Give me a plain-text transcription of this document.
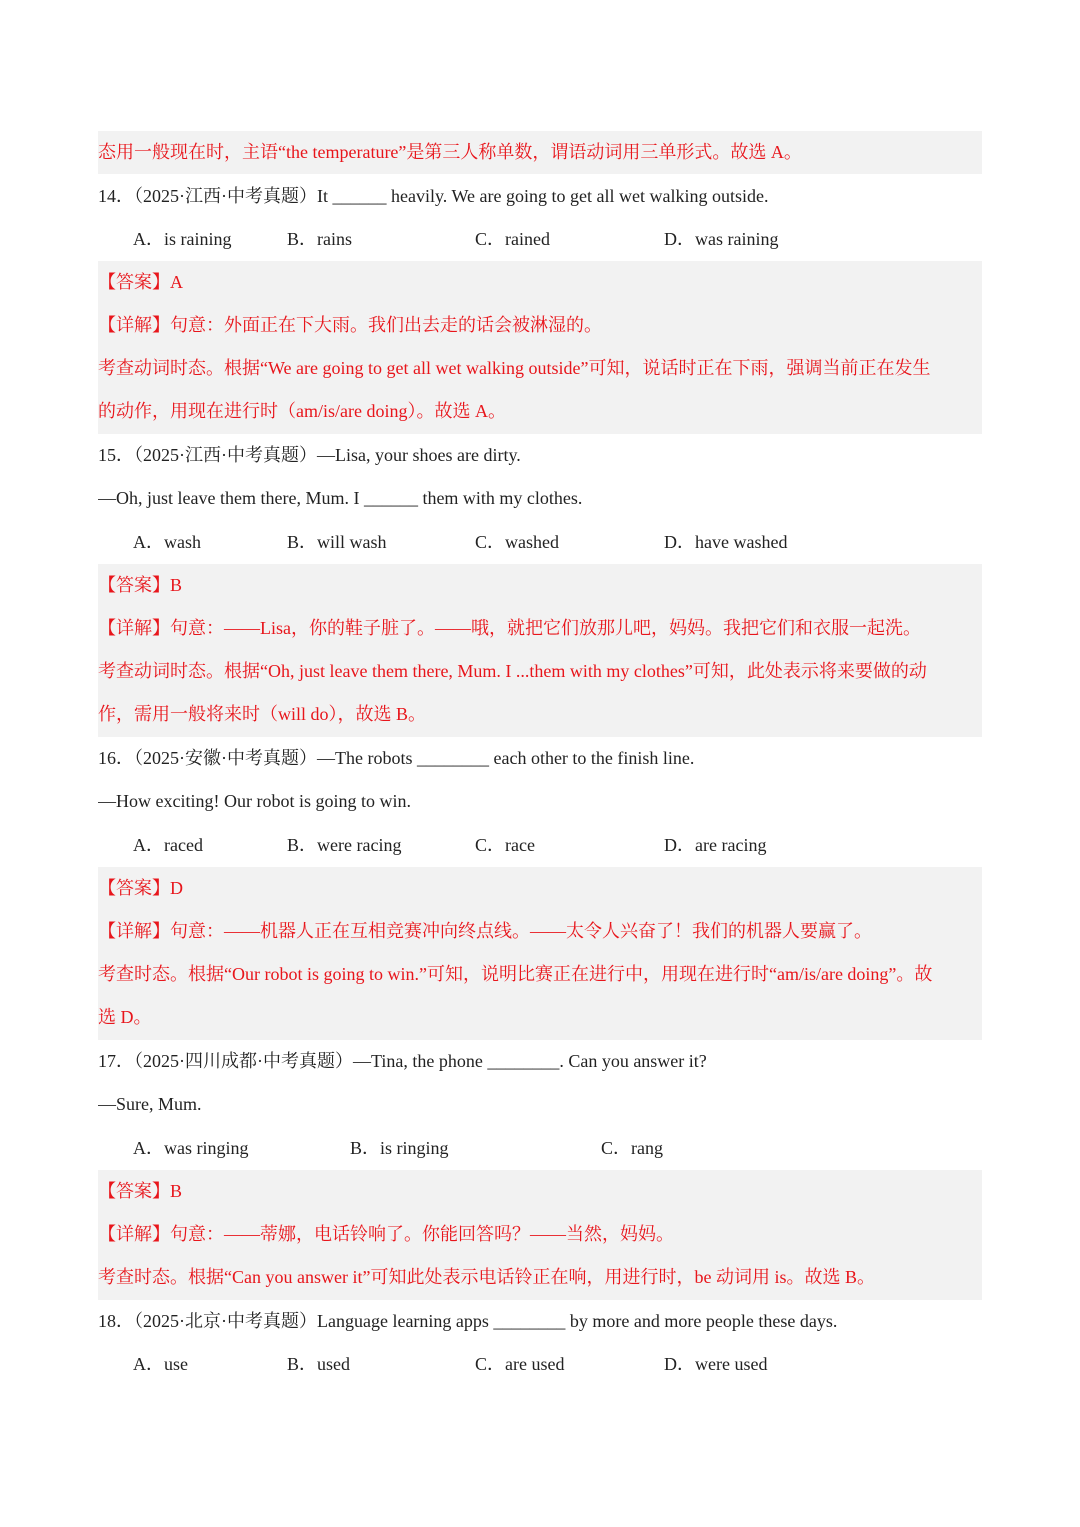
态用一般现在时，主语“the temperature”是第三人称单数，谓语动词用三单形式。故选 A。
14．（2025·江西·中考真题）It ______ heavily. We are going to get all wet walking outside.
A．is raining	B．rains	C．rained	D．was raining
【答案】A
【详解】句意：外面正在下大雨。我们出去走的话会被淋湿的。
考查动词时态。根据“We are going to get all wet walking outside”可知，说话时正在下雨，强调当前正在发生
的动作，用现在进行时（am/is/are doing）。故选 A。
15．（2025·江西·中考真题）—Lisa, your shoes are dirty.
—Oh, just leave them there, Mum. I ______ them with my clothes.
A．wash	B．will wash	C．washed	D．have washed
【答案】B
【详解】句意：——Lisa，你的鞋子脏了。——哦，就把它们放那儿吧，妈妈。我把它们和衣服一起洗。
考查动词时态。根据“Oh, just leave them there, Mum. I ...them with my clothes”可知，此处表示将来要做的动
作，需用一般将来时（will do），故选 B。
16．（2025·安徽·中考真题）—The robots ________ each other to the finish line.
—How exciting! Our robot is going to win.
A．raced	B．were racing	C．race	D．are racing
【答案】D
【详解】句意：——机器人正在互相竞赛冲向终点线。——太令人兴奋了！我们的机器人要赢了。
考查时态。根据“Our robot is going to win.”可知，说明比赛正在进行中，用现在进行时“am/is/are doing”。故
选 D。
17．（2025·四川成都·中考真题）—Tina, the phone ________. Can you answer it?
—Sure, Mum.
A．was ringing	B．is ringing	C．rang
【答案】B
【详解】句意：——蒂娜，电话铃响了。你能回答吗？——当然，妈妈。
考查时态。根据“Can you answer it”可知此处表示电话铃正在响，用进行时，be 动词用 is。故选 B。
18．（2025·北京·中考真题）Language learning apps ________ by more and more people these days.
A．use	B．used	C．are used	D．were used
